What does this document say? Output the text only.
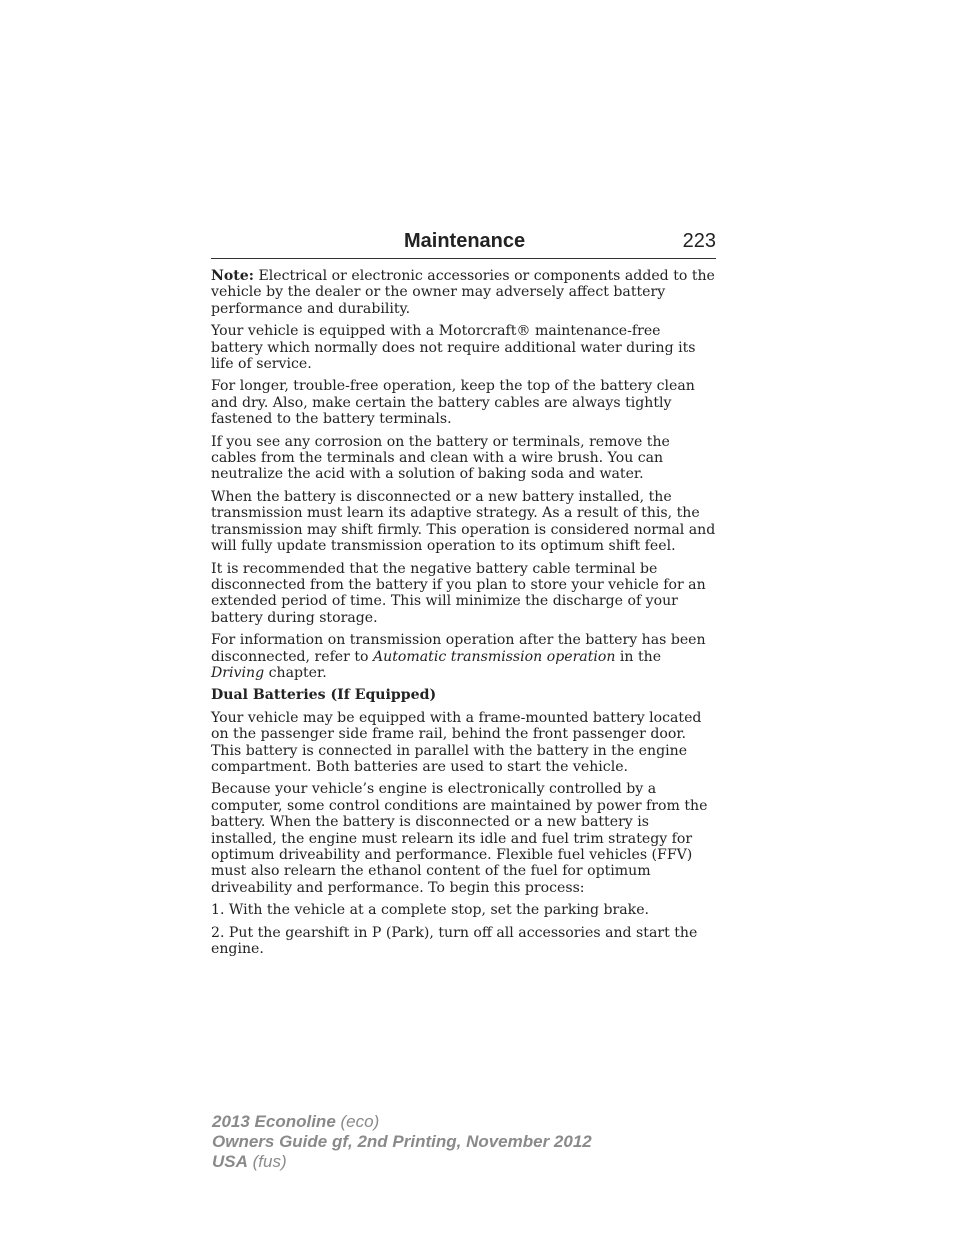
Maintenance	223

Note: Electrical or electronic accessories or components added to the vehicle by the dealer or the owner may adversely affect battery performance and durability.

Your vehicle is equipped with a Motorcraft® maintenance-free battery which normally does not require additional water during its life of service.

For longer, trouble-free operation, keep the top of the battery clean and dry. Also, make certain the battery cables are always tightly fastened to the battery terminals.

If you see any corrosion on the battery or terminals, remove the cables from the terminals and clean with a wire brush. You can neutralize the acid with a solution of baking soda and water.

When the battery is disconnected or a new battery installed, the transmission must learn its adaptive strategy. As a result of this, the transmission may shift firmly. This operation is considered normal and will fully update transmission operation to its optimum shift feel.

It is recommended that the negative battery cable terminal be disconnected from the battery if you plan to store your vehicle for an extended period of time. This will minimize the discharge of your battery during storage.

For information on transmission operation after the battery has been disconnected, refer to Automatic transmission operation in the Driving chapter.

Dual Batteries (If Equipped)

Your vehicle may be equipped with a frame-mounted battery located on the passenger side frame rail, behind the front passenger door. This battery is connected in parallel with the battery in the engine compartment. Both batteries are used to start the vehicle.

Because your vehicle’s engine is electronically controlled by a computer, some control conditions are maintained by power from the battery. When the battery is disconnected or a new battery is installed, the engine must relearn its idle and fuel trim strategy for optimum driveability and performance. Flexible fuel vehicles (FFV) must also relearn the ethanol content of the fuel for optimum driveability and performance. To begin this process:

1. With the vehicle at a complete stop, set the parking brake.

2. Put the gearshift in P (Park), turn off all accessories and start the engine.

2013 Econoline (eco)
Owners Guide gf, 2nd Printing, November 2012
USA (fus)
